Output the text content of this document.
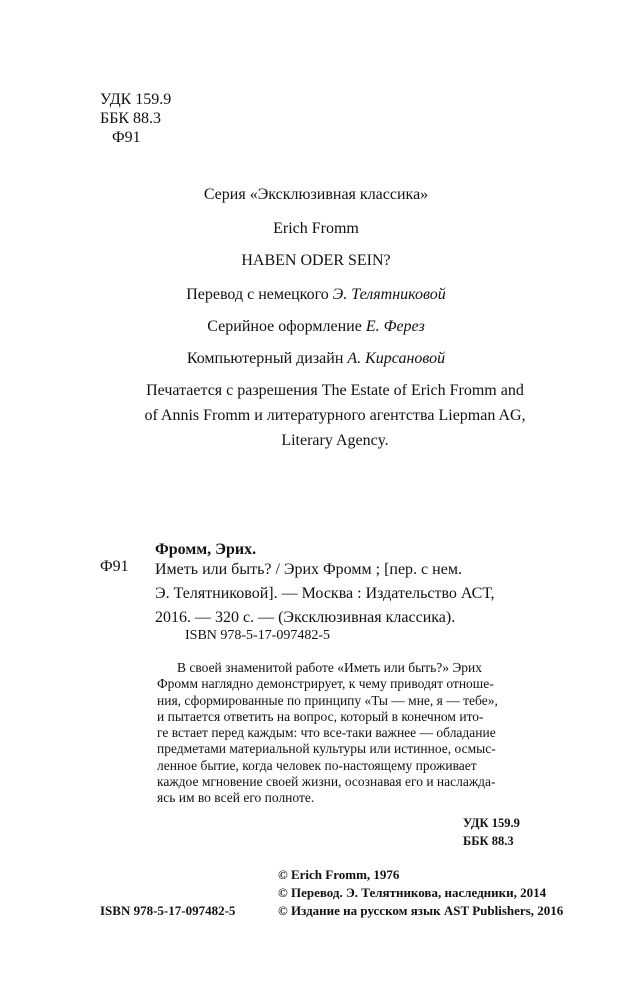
УДК 159.9
ББК 88.3
Ф91
Серия «Эксклюзивная классика»
Erich Fromm
HABEN ODER SEIN?
Перевод с немецкого Э. Телятниковой
Серийное оформление Е. Ферез
Компьютерный дизайн А. Кирсановой
Печатается с разрешения The Estate of Erich Fromm and
of Annis Fromm и литературного агентства Liepman AG,
Literary Agency.
Фромм, Эрих.
Ф91 Иметь или быть? / Эрих Фромм ; [пер. с нем.
Э. Телятниковой]. — Москва : Издательство АСТ,
2016. — 320 с. — (Эксклюзивная классика).
ISBN 978-5-17-097482-5
В своей знаменитой работе «Иметь или быть?» Эрих
Фромм наглядно демонстрирует, к чему приводят отноше-
ния, сформированные по принципу «Ты — мне, я — тебе»,
и пытается ответить на вопрос, который в конечном ито-
ге встает перед каждым: что все-таки важнее — обладание
предметами материальной культуры или истинное, осмыс-
ленное бытие, когда человек по-настоящему проживает
каждое мгновение своей жизни, осознавая его и наслажда-
ясь им во всей его полноте.
УДК 159.9
ББК 88.3
ISBN 978-5-17-097482-5
© Erich Fromm, 1976
© Перевод. Э. Телятникова, наследники, 2014
© Издание на русском язык AST Publishers, 2016
